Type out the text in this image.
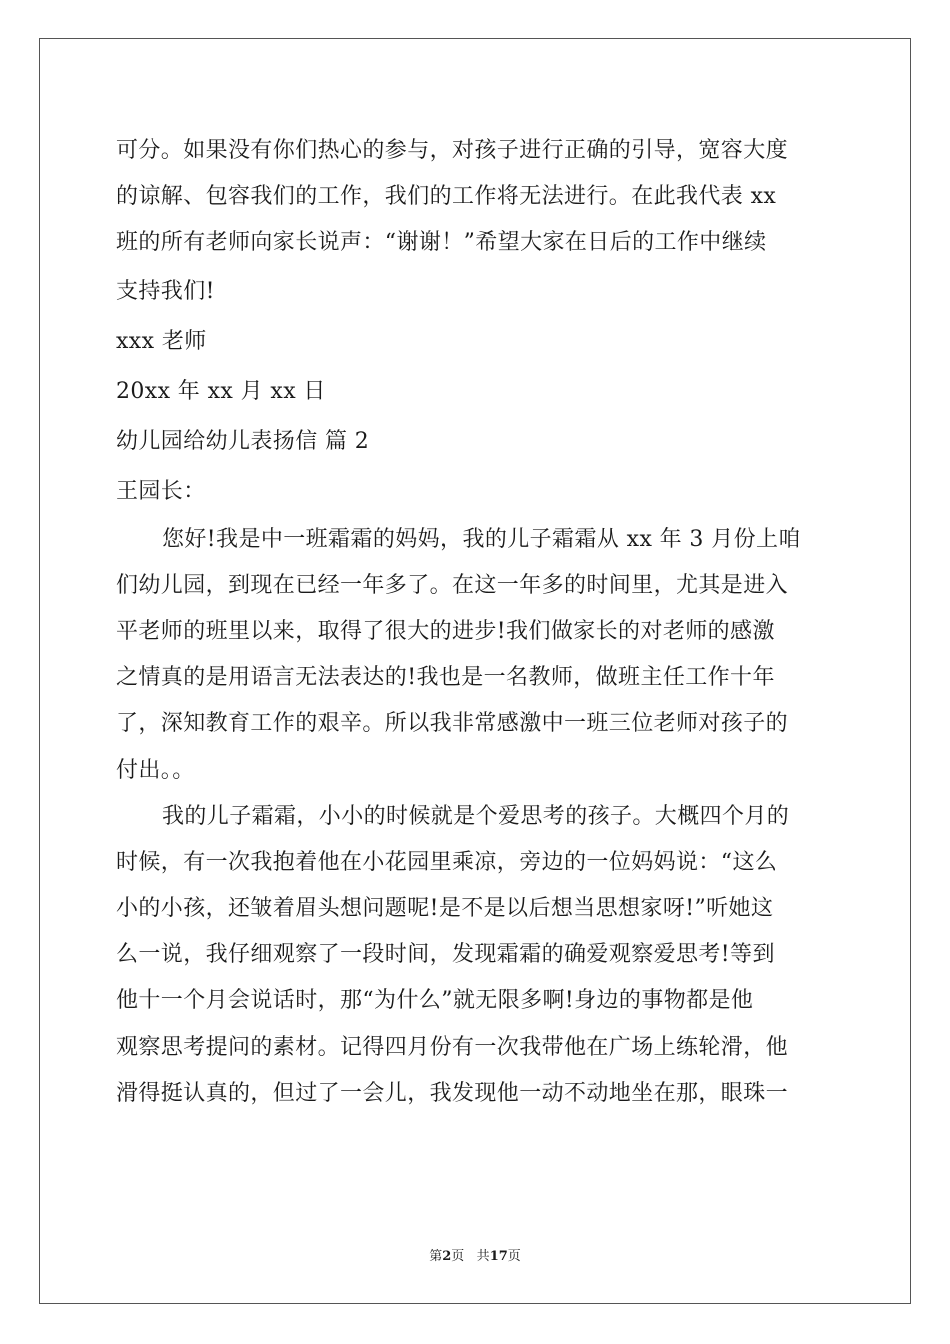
可分。如果没有你们热心的参与，对孩子进行正确的引导，宽容大度
的谅解、包容我们的工作，我们的工作将无法进行。在此我代表 xx
班的所有老师向家长说声：“谢谢！”希望大家在日后的工作中继续
支持我们!
xxx 老师
20xx 年 xx 月 xx 日
幼儿园给幼儿表扬信 篇 2
王园长：
您好!我是中一班霜霜的妈妈，我的儿子霜霜从 xx 年 3 月份上咱
们幼儿园，到现在已经一年多了。在这一年多的时间里，尤其是进入
平老师的班里以来，取得了很大的进步!我们做家长的对老师的感激
之情真的是用语言无法表达的!我也是一名教师，做班主任工作十年
了，深知教育工作的艰辛。所以我非常感激中一班三位老师对孩子的
付出。。
我的儿子霜霜，小小的时候就是个爱思考的孩子。大概四个月的
时候，有一次我抱着他在小花园里乘凉，旁边的一位妈妈说：“这么
小的小孩，还皱着眉头想问题呢!是不是以后想当思想家呀!”听她这
么一说，我仔细观察了一段时间，发现霜霜的确爱观察爱思考!等到
他十一个月会说话时，那“为什么”就无限多啊!身边的事物都是他
观察思考提问的素材。记得四月份有一次我带他在广场上练轮滑，他
滑得挺认真的，但过了一会儿，我发现他一动不动地坐在那，眼珠一
第2页 共17页
